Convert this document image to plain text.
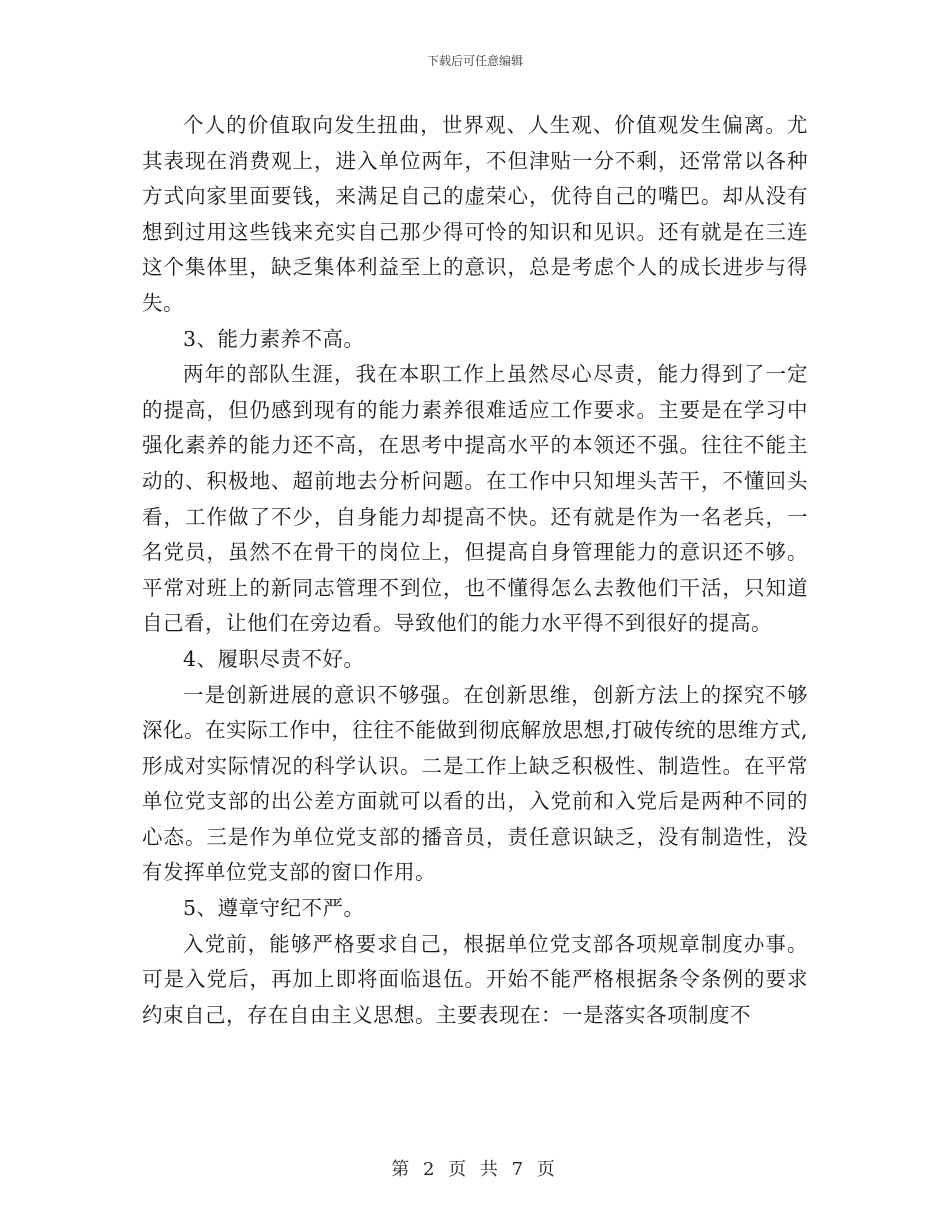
下载后可任意编辑

个人的价值取向发生扭曲，世界观、人生观、价值观发生偏离。尤其表现在消费观上，进入单位两年，不但津贴一分不剩，还常常以各种方式向家里面要钱，来满足自己的虚荣心，优待自己的嘴巴。却从没有想到过用这些钱来充实自己那少得可怜的知识和见识。还有就是在三连这个集体里，缺乏集体利益至上的意识，总是考虑个人的成长进步与得失。

3、能力素养不高。

两年的部队生涯，我在本职工作上虽然尽心尽责，能力得到了一定的提高，但仍感到现有的能力素养很难适应工作要求。主要是在学习中强化素养的能力还不高，在思考中提高水平的本领还不强。往往不能主动的、积极地、超前地去分析问题。在工作中只知埋头苦干，不懂回头看，工作做了不少，自身能力却提高不快。还有就是作为一名老兵，一名党员，虽然不在骨干的岗位上，但提高自身管理能力的意识还不够。平常对班上的新同志管理不到位，也不懂得怎么去教他们干活，只知道自己看，让他们在旁边看。导致他们的能力水平得不到很好的提高。

4、履职尽责不好。

一是创新进展的意识不够强。在创新思维，创新方法上的探究不够深化。在实际工作中，往往不能做到彻底解放思想,打破传统的思维方式,形成对实际情况的科学认识。二是工作上缺乏积极性、制造性。在平常单位党支部的出公差方面就可以看的出，入党前和入党后是两种不同的心态。三是作为单位党支部的播音员，责任意识缺乏，没有制造性，没有发挥单位党支部的窗口作用。

5、遵章守纪不严。

入党前，能够严格要求自己，根据单位党支部各项规章制度办事。可是入党后，再加上即将面临退伍。开始不能严格根据条令条例的要求约束自己，存在自由主义思想。主要表现在：一是落实各项制度不

第 2 页 共 7 页
